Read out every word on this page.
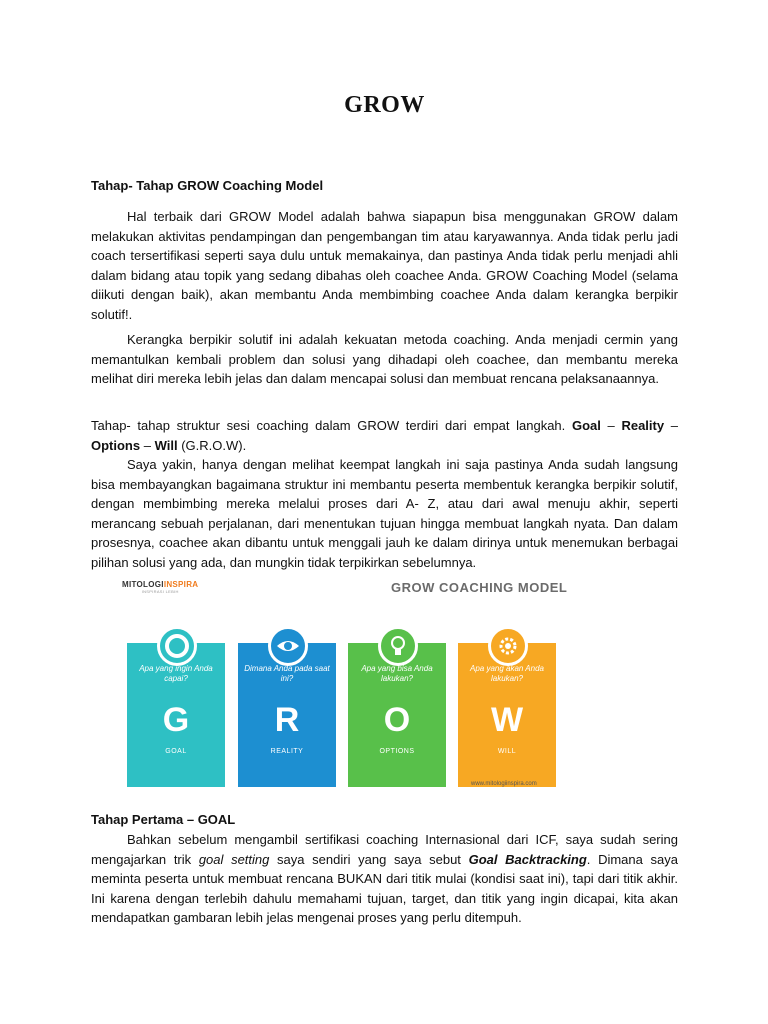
GROW

Tahap- Tahap GROW Coaching Model

Hal terbaik dari GROW Model adalah bahwa siapapun bisa menggunakan GROW dalam melakukan aktivitas pendampingan dan pengembangan tim atau karyawannya. Anda tidak perlu jadi coach tersertifikasi seperti saya dulu untuk memakainya, dan pastinya Anda tidak perlu menjadi ahli dalam bidang atau topik yang sedang dibahas oleh coachee Anda. GROW Coaching Model (selama diikuti dengan baik), akan membantu Anda membimbing coachee Anda dalam kerangka berpikir solutif!.

Kerangka berpikir solutif ini adalah kekuatan metoda coaching. Anda menjadi cermin yang memantulkan kembali problem dan solusi yang dihadapi oleh coachee, dan membantu mereka melihat diri mereka lebih jelas dan dalam mencapai solusi dan membuat rencana pelaksanaannya.

Tahap- tahap struktur sesi coaching dalam GROW terdiri dari empat langkah. Goal – Reality – Options – Will (G.R.O.W).

Saya yakin, hanya dengan melihat keempat langkah ini saja pastinya Anda sudah langsung bisa membayangkan bagaimana struktur ini membantu peserta membentuk kerangka berpikir solutif, dengan membimbing mereka melalui proses dari A- Z, atau dari awal menuju akhir, seperti merancang sebuah perjalanan, dari menentukan tujuan hingga membuat langkah nyata. Dan dalam prosesnya, coachee akan dibantu untuk menggali jauh ke dalam dirinya untuk menemukan berbagai pilihan solusi yang ada, dan mungkin tidak terpikirkan sebelumnya.

Tahap Pertama – GOAL

Bahkan sebelum mengambil sertifikasi coaching Internasional dari ICF, saya sudah sering mengajarkan trik goal setting saya sendiri yang saya sebut Goal Backtracking. Dimana saya meminta peserta untuk membuat rencana BUKAN dari titik mulai (kondisi saat ini), tapi dari titik akhir. Ini karena dengan terlebih dahulu memahami tujuan, target, dan titik yang ingin dicapai, kita akan mendapatkan gambaran lebih jelas mengenai proses yang perlu ditempuh.

MITOLOGIINSPIRA
INSPIRASI LEBIH	GROW COACHING MODEL
Apa yang ingin Anda capai?
G
GOAL
Dimana Anda pada saat ini?
R
REALITY
Apa yang bisa Anda lakukan?
O
OPTIONS
Apa yang akan Anda lakukan?
W
WILL
www.mitologiinspira.com
